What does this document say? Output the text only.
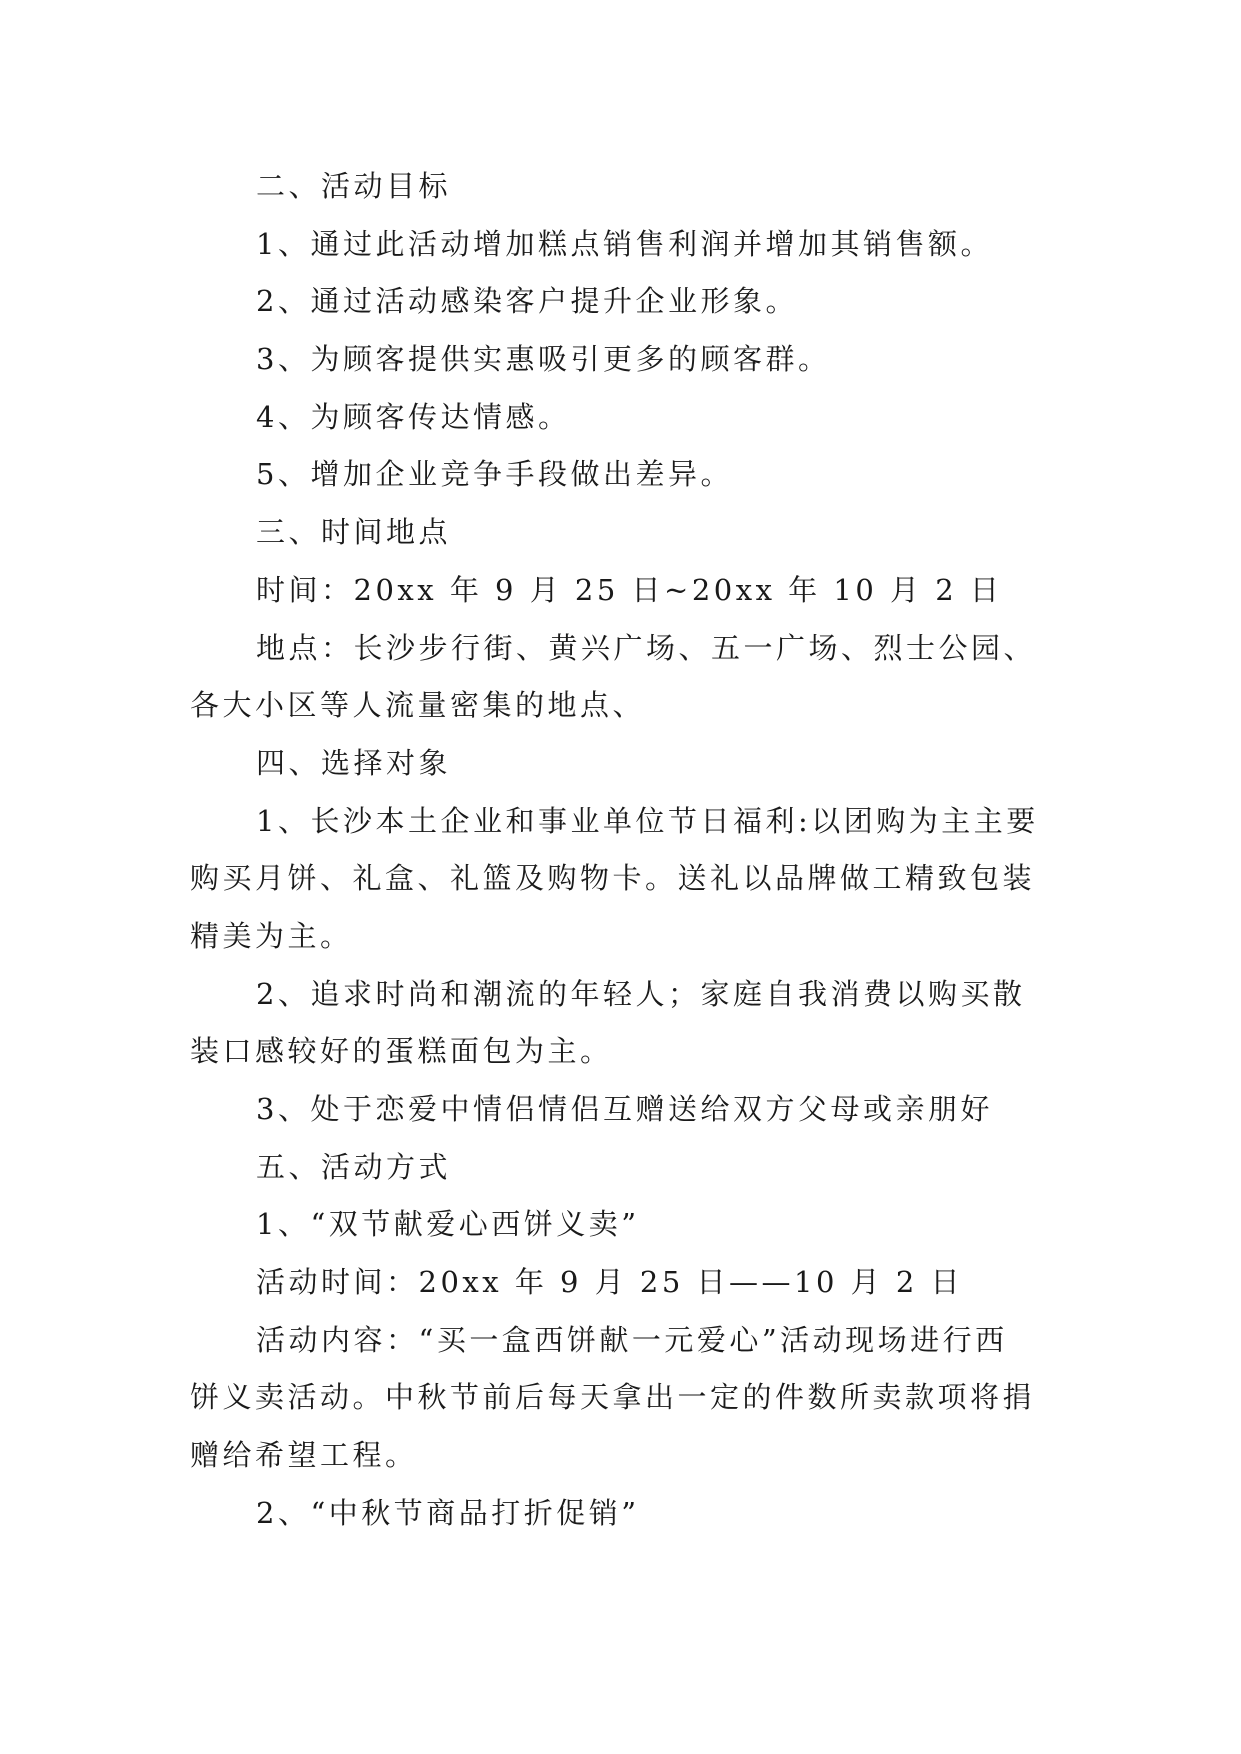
二、活动目标
1、通过此活动增加糕点销售利润并增加其销售额。
2、通过活动感染客户提升企业形象。
3、为顾客提供实惠吸引更多的顾客群。
4、为顾客传达情感。
5、增加企业竞争手段做出差异。
三、时间地点
时间：20xx 年 9 月 25 日~20xx 年 10 月 2 日
地点：长沙步行街、黄兴广场、五一广场、烈士公园、
各大小区等人流量密集的地点、
四、选择对象
1、长沙本土企业和事业单位节日福利:以团购为主主要
购买月饼、礼盒、礼篮及购物卡。送礼以品牌做工精致包装
精美为主。
2、追求时尚和潮流的年轻人；家庭自我消费以购买散
装口感较好的蛋糕面包为主。
3、处于恋爱中情侣情侣互赠送给双方父母或亲朋好
五、活动方式
1、“双节献爱心西饼义卖”
活动时间：20xx 年 9 月 25 日——10 月 2 日
活动内容：“买一盒西饼献一元爱心”活动现场进行西
饼义卖活动。中秋节前后每天拿出一定的件数所卖款项将捐
赠给希望工程。
2、“中秋节商品打折促销”
